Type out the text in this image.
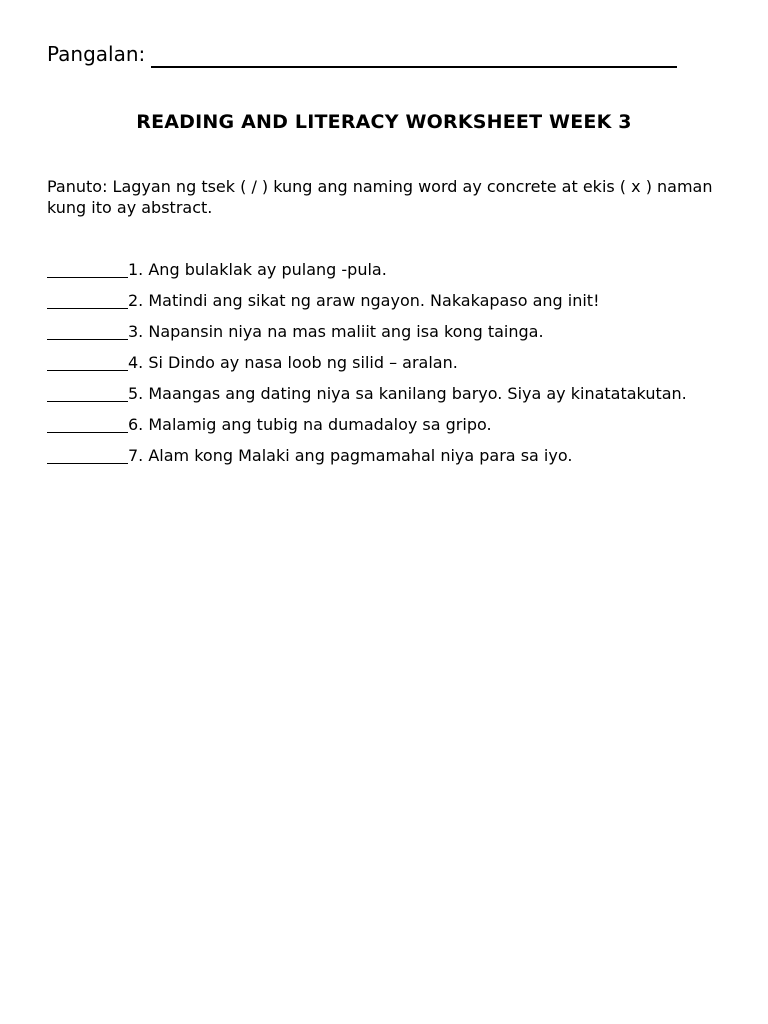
Pangalan:
READING AND LITERACY WORKSHEET WEEK 3
Panuto: Lagyan ng tsek ( / ) kung ang naming word ay concrete at ekis ( x ) naman kung ito ay abstract.
1. Ang bulaklak ay pulang -pula.
2. Matindi ang sikat ng araw ngayon. Nakakapaso ang init!
3. Napansin niya na mas maliit ang isa kong tainga.
4. Si Dindo ay nasa loob ng silid – aralan.
5. Maangas ang dating niya sa kanilang baryo. Siya ay kinatatakutan.
6. Malamig ang tubig na dumadaloy sa gripo.
7. Alam kong Malaki ang pagmamahal niya para sa iyo.
